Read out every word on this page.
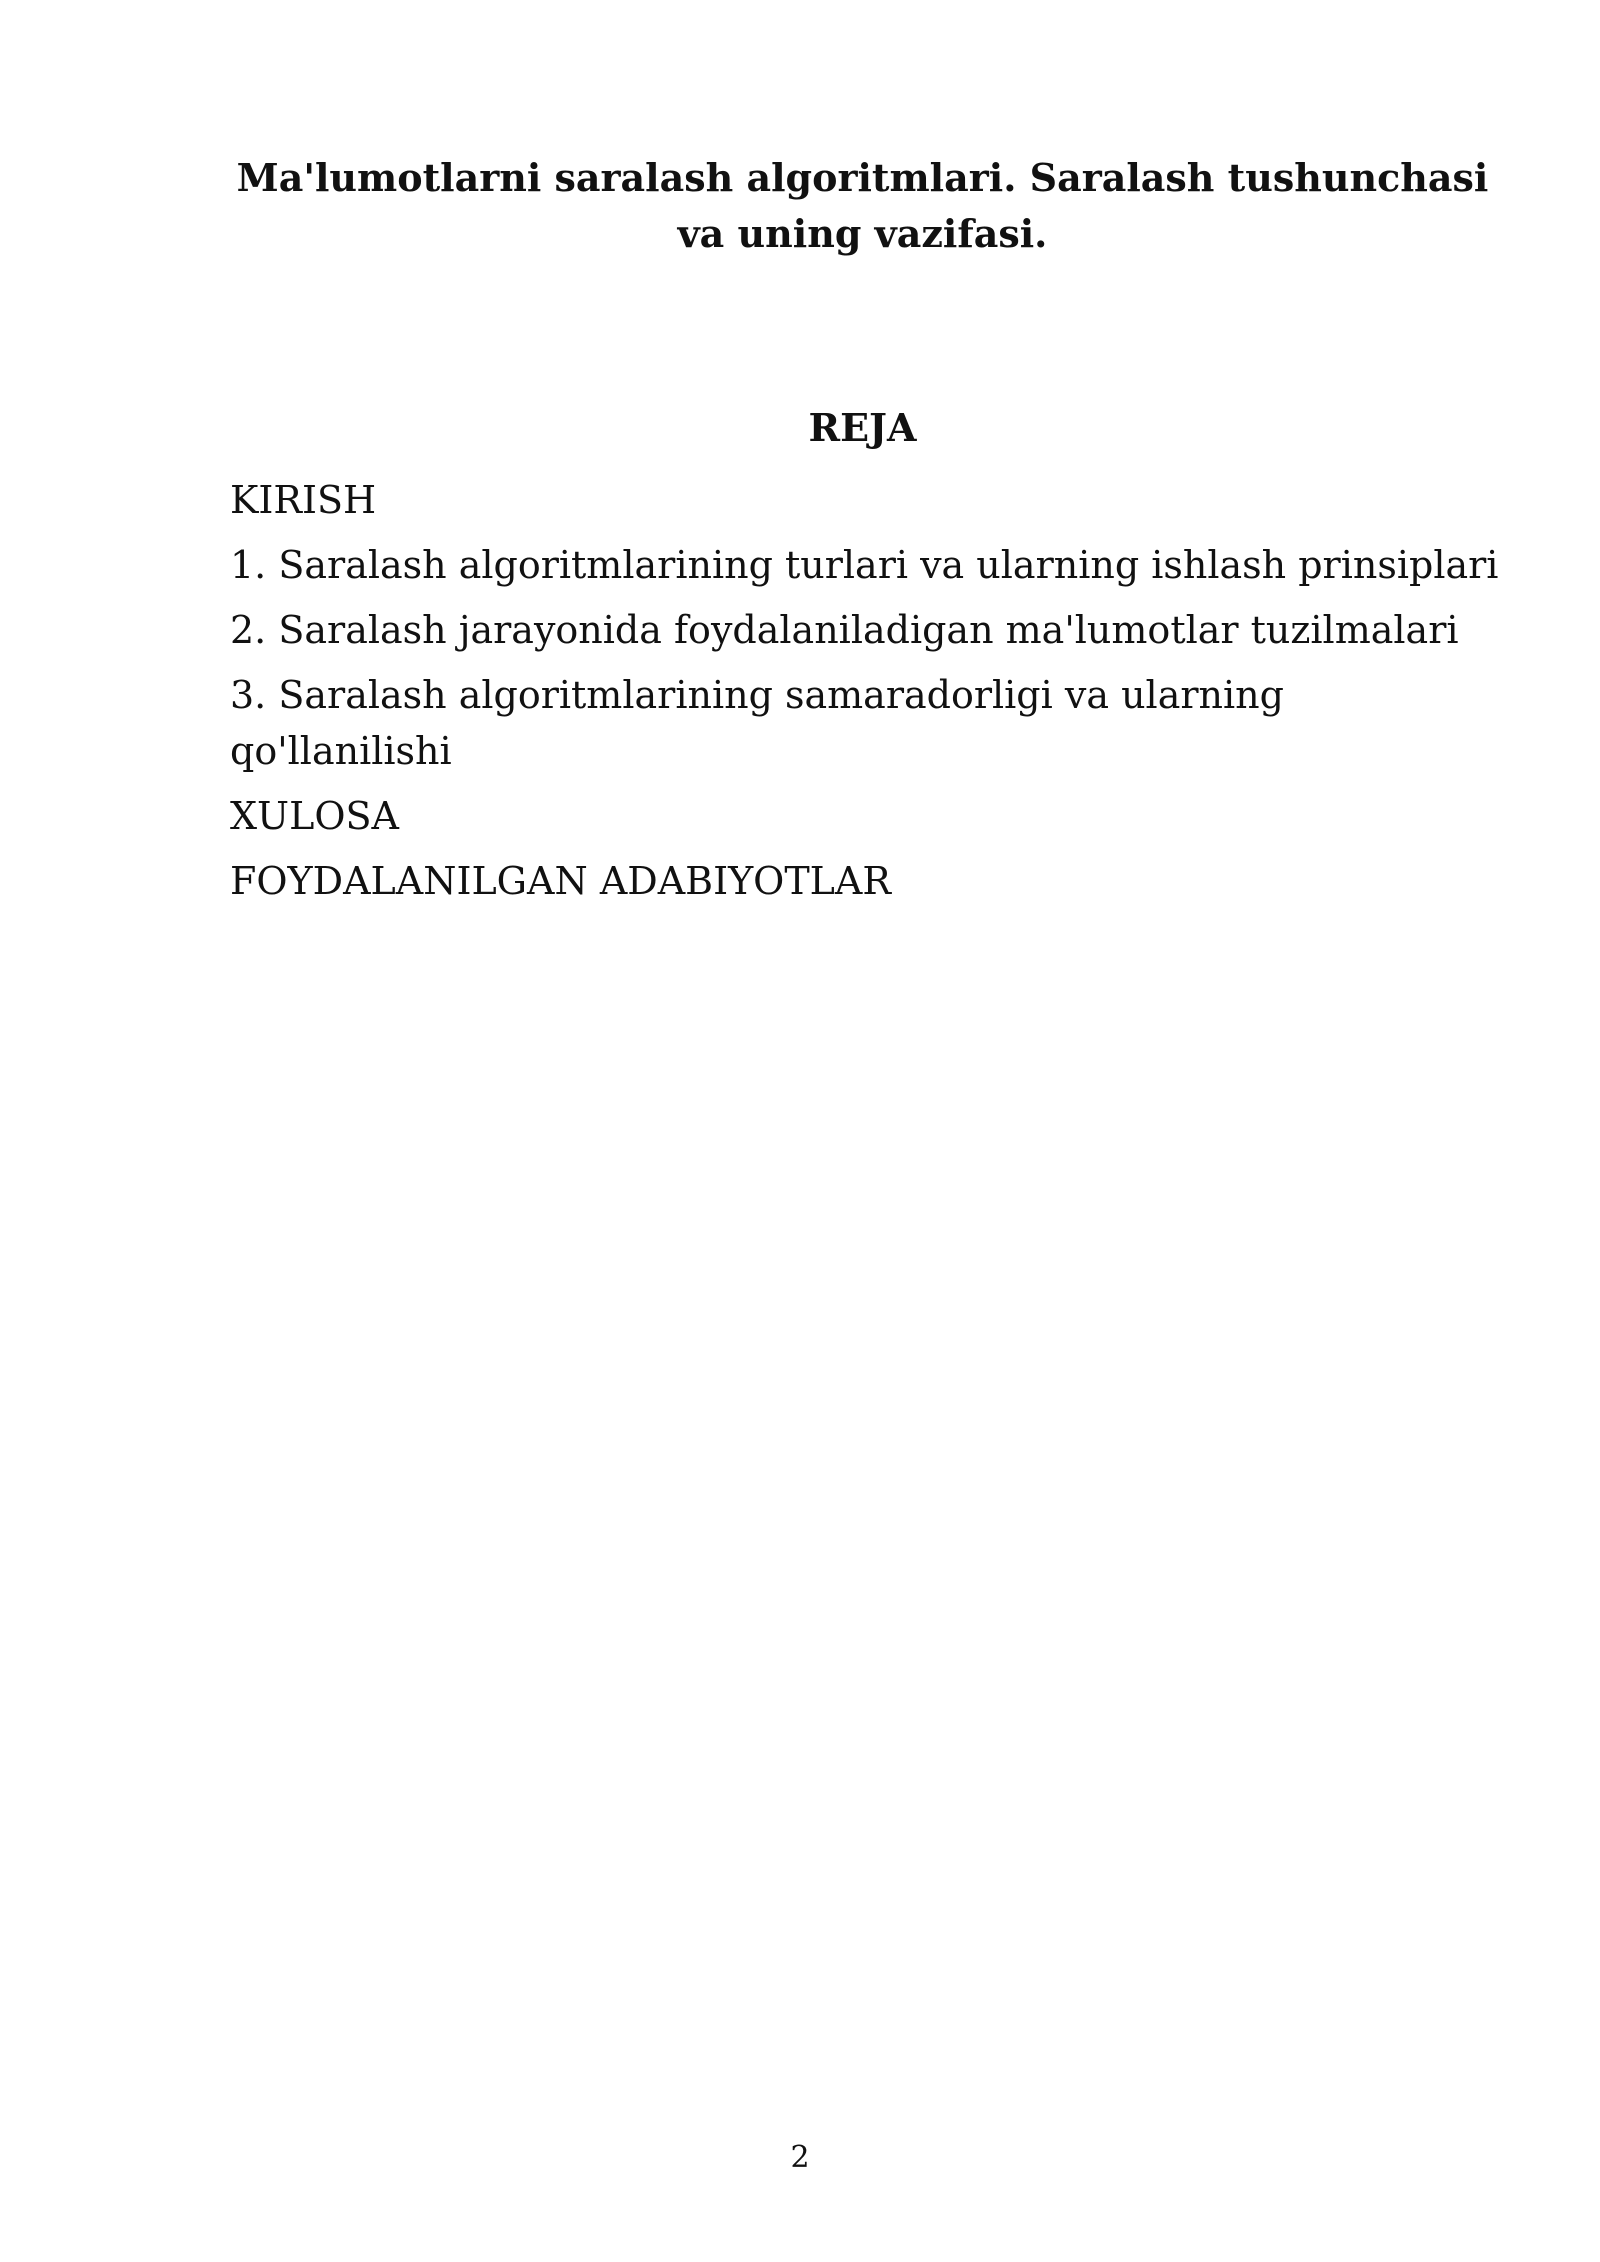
Ma'lumotlarni saralash algoritmlari. Saralash tushunchasi
va uning vazifasi.
REJA
KIRISH
1. Saralash algoritmlarining turlari va ularning ishlash prinsiplari
2. Saralash jarayonida foydalaniladigan ma'lumotlar tuzilmalari
3. Saralash algoritmlarining samaradorligi va ularning qo'llanilishi
XULOSA
FOYDALANILGAN ADABIYOTLAR
2
